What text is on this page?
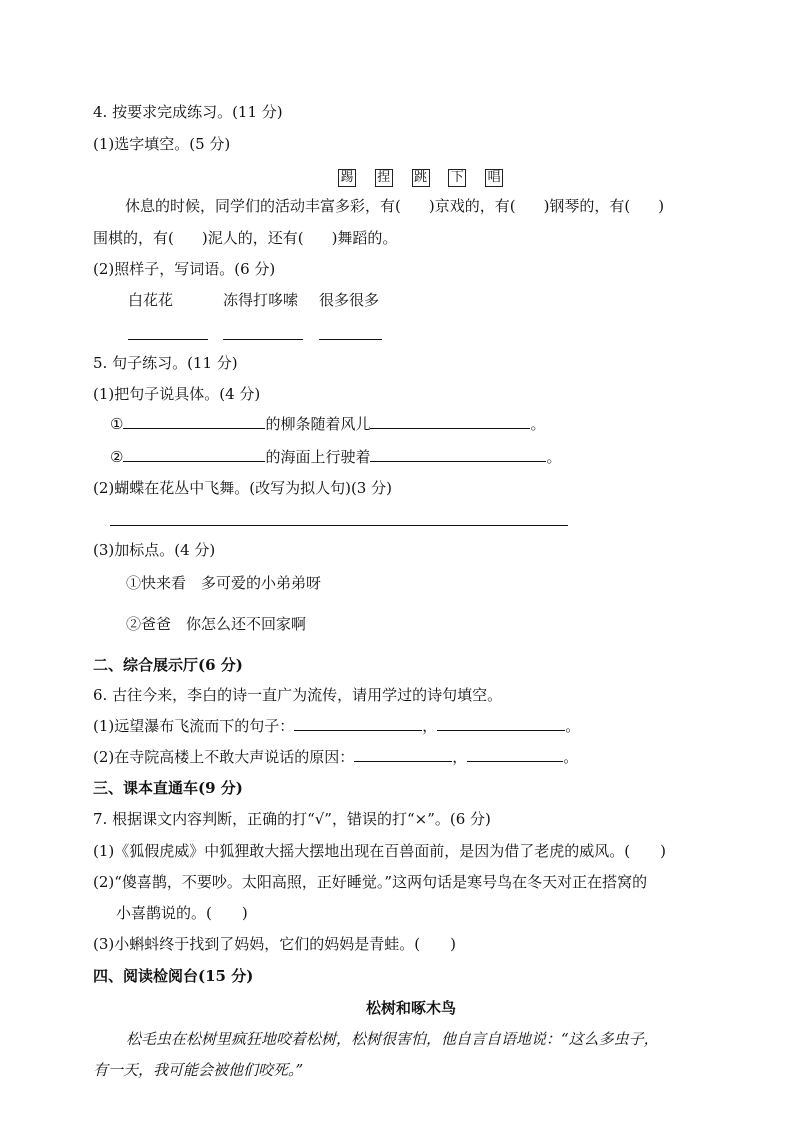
4. 按要求完成练习。(11 分)
(1)选字填空。(5 分)
踢 捏 跳 下 唱
休息的时候，同学们的活动丰富多彩，有( )京戏的，有( )钢琴的，有( )
围棋的，有( )泥人的，还有( )舞蹈的。
(2)照样子，写词语。(6 分)
白花花	冻得打哆嗦 很多很多
5. 句子练习。(11 分)
(1)把句子说具体。(4 分)
①	的柳条随着风儿	。
②	的海面上行驶着	。
(2)蝴蝶在花丛中飞舞。(改写为拟人句)(3 分)
(3)加标点。(4 分)
①快来看　多可爱的小弟弟呀
②爸爸　你怎么还不回家啊
二、综合展示厅(6 分)
6. 古往今来，李白的诗一直广为流传，请用学过的诗句填空。
(1)远望瀑布飞流而下的句子：	，	。
(2)在寺院高楼上不敢大声说话的原因：	，	。
三、课本直通车(9 分)
7. 根据课文内容判断，正确的打“√”，错误的打“×”。(6 分)
(1)《狐假虎威》中狐狸敢大摇大摆地出现在百兽面前，是因为借了老虎的威风。(　　)
(2)“傻喜鹊，不要吵。太阳高照，正好睡觉。”这两句话是寒号鸟在冬天对正在搭窝的
小喜鹊说的。(　　)
(3)小蝌蚪终于找到了妈妈，它们的妈妈是青蛙。(　　)
四、阅读检阅台(15 分)
松树和啄木鸟
松毛虫在松树里疯狂地咬着松树，松树很害怕，他自言自语地说：“这么多虫子，
有一天，我可能会被他们咬死。”
